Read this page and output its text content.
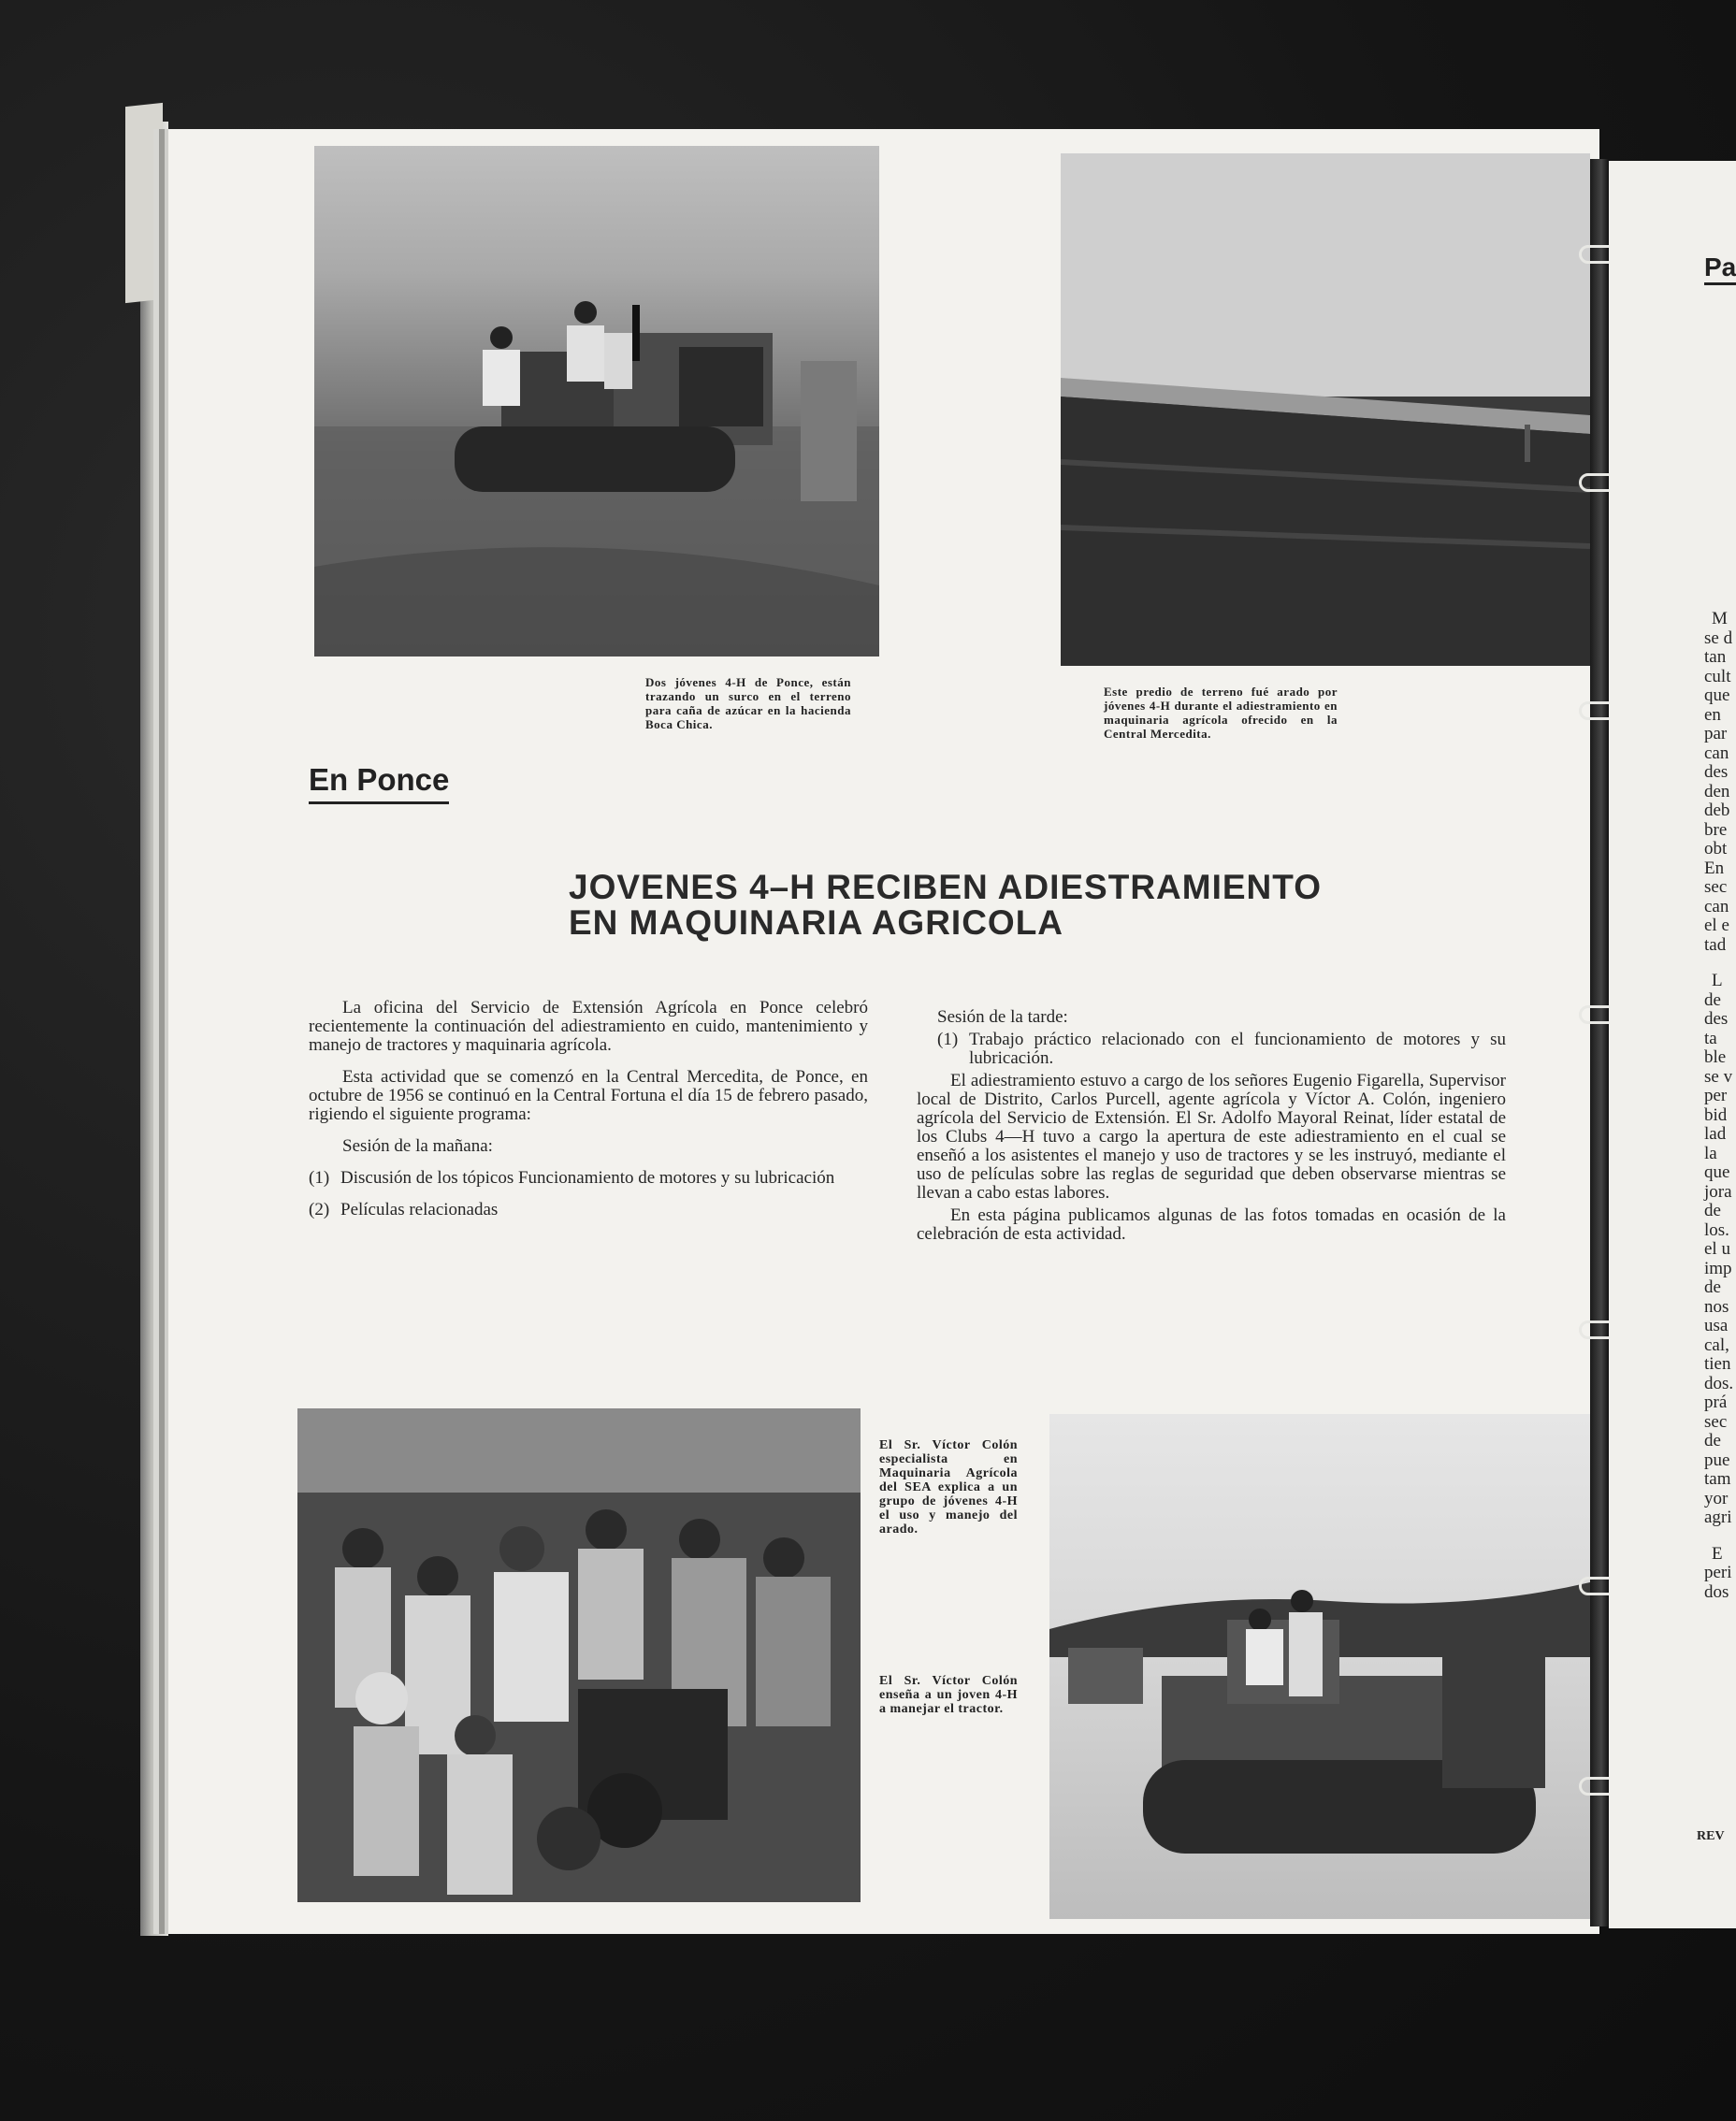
Dos jóvenes 4-H de Ponce, están trazando un surco en el terreno para caña de azúcar en la hacienda Boca Chica.
Este predio de terreno fué arado por jóvenes 4-H durante el adiestramiento en maquinaria agrícola ofrecido en la Central Mercedita.
En Ponce
JOVENES 4–H RECIBEN ADIESTRAMIENTO
EN MAQUINARIA AGRICOLA

La oficina del Servicio de Extensión Agrícola en Ponce celebró recientemente la continuación del adiestramiento en cuido, mantenimiento y manejo de tractores y maquinaria agrícola.

Esta actividad que se comenzó en la Central Mercedita, de Ponce, en octubre de 1956 se continuó en la Central Fortuna el día 15 de febrero pasado, rigiendo el siguiente programa:

Sesión de la mañana:

(1) Discusión de los tópicos Funcionamiento de motores y su lubricación
(2) Películas relacionadas
Sesión de la tarde:
(1) Trabajo práctico relacionado con el funcionamiento de motores y su lubricación.

El adiestramiento estuvo a cargo de los señores Eugenio Figarella, Supervisor local de Distrito, Carlos Purcell, agente agrícola y Víctor A. Colón, ingeniero agrícola del Servicio de Extensión. El Sr. Adolfo Mayoral Reinat, líder estatal de los Clubs 4—H tuvo a cargo la apertura de este adiestramiento en el cual se enseñó a los asistentes el manejo y uso de tractores y se les instruyó, mediante el uso de películas sobre las reglas de seguridad que deben observarse mientras se llevan a cabo estas labores.

En esta página publicamos algunas de las fotos tomadas en ocasión de la celebración de esta actividad.

El Sr. Víctor Colón especialista en Maquinaria Agrícola del SEA explica a un grupo de jóvenes 4-H el uso y manejo del arado.
El Sr. Víctor Colón enseña a un joven 4-H a manejar el tractor.
Pa
M
se d
tan
cult
que
en
par
can
des
den
deb
bre
obt
En
sec
can
el e
tad
L
de
des
ta
ble
se v
per
bid
lad
la
que
jora
de
los.
el u
imp
de
nos
usa
cal,
tien
dos.
prá
sec
de
pue
tam
yor
agri
E
peri
dos
REV
